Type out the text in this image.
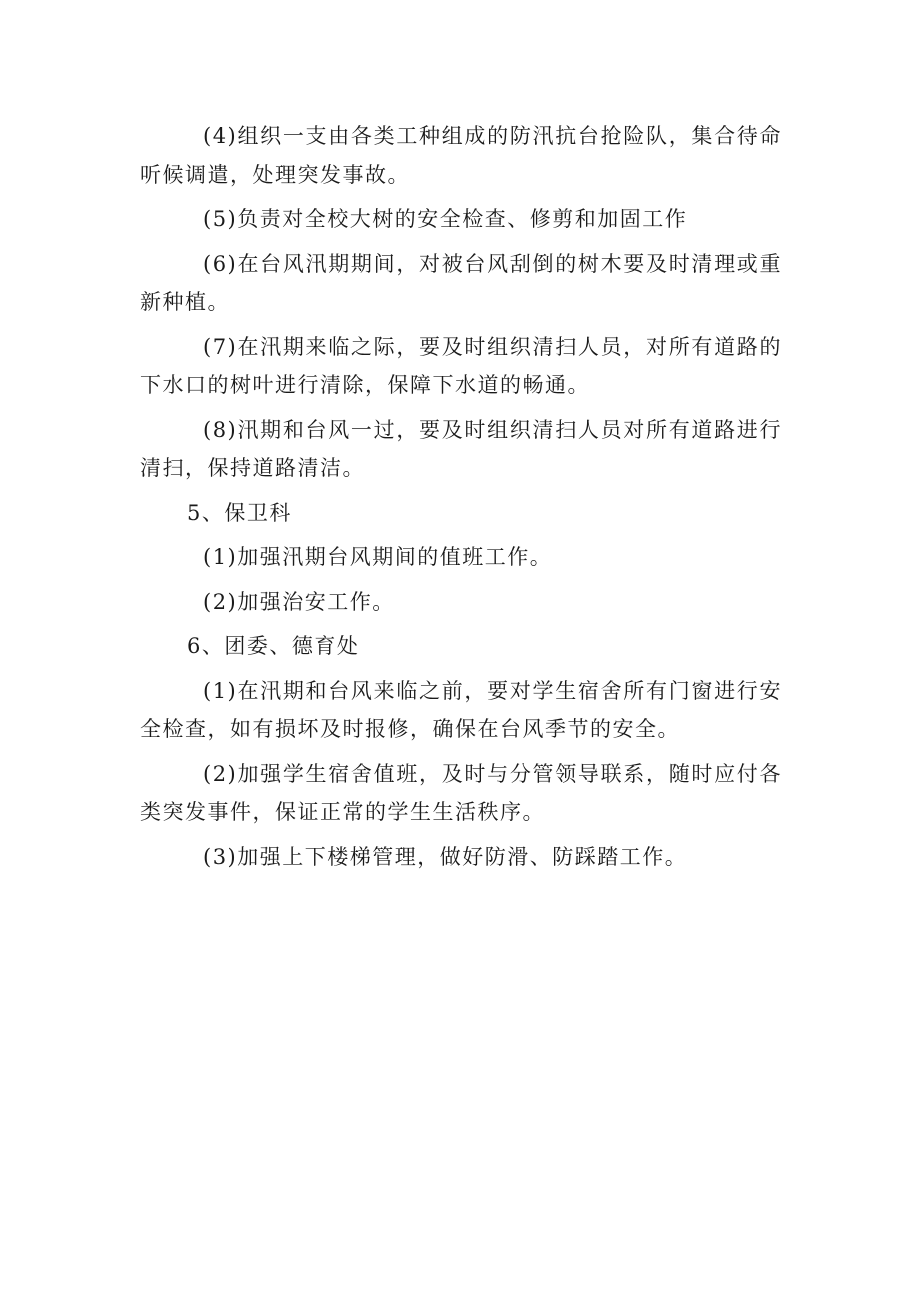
(4)组织一支由各类工种组成的防汛抗台抢险队，集合待命听候调遣，处理突发事故。

(5)负责对全校大树的安全检查、修剪和加固工作

(6)在台风汛期期间，对被台风刮倒的树木要及时清理或重新种植。

(7)在汛期来临之际，要及时组织清扫人员，对所有道路的下水口的树叶进行清除，保障下水道的畅通。

(8)汛期和台风一过，要及时组织清扫人员对所有道路进行清扫，保持道路清洁。

5、保卫科

(1)加强汛期台风期间的值班工作。

(2)加强治安工作。

6、团委、德育处

(1)在汛期和台风来临之前，要对学生宿舍所有门窗进行安全检查，如有损坏及时报修，确保在台风季节的安全。

(2)加强学生宿舍值班，及时与分管领导联系，随时应付各类突发事件，保证正常的学生生活秩序。

(3)加强上下楼梯管理，做好防滑、防踩踏工作。
